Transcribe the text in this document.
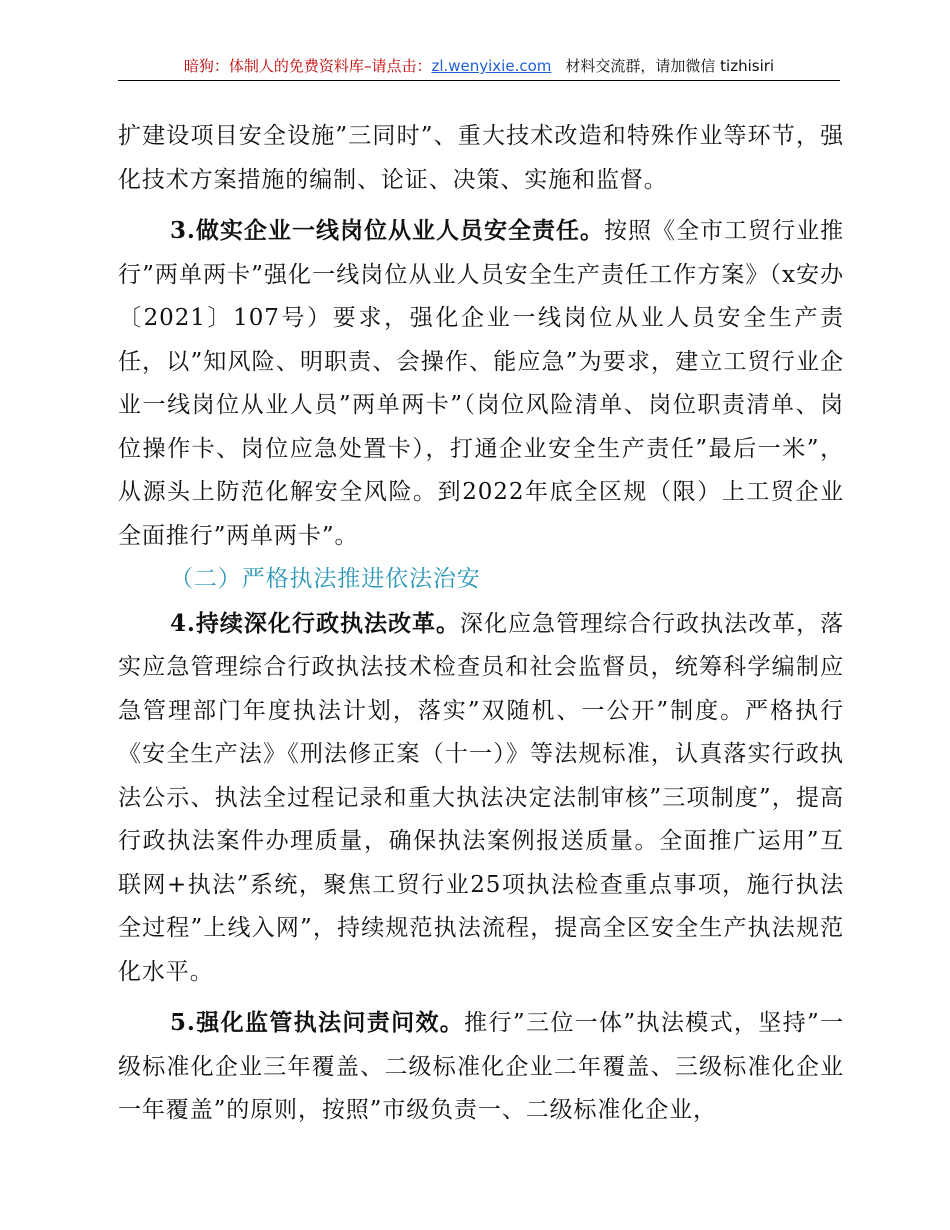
暗狗：体制人的免费资料库–请点击：zl.wenyixie.com 材料交流群，请加微信 tizhisiri

扩建设项目安全设施”三同时”、重大技术改造和特殊作业等环节，强化技术方案措施的编制、论证、决策、实施和监督。

3.做实企业一线岗位从业人员安全责任。按照《全市工贸行业推行”两单两卡”强化一线岗位从业人员安全生产责任工作方案》（x安办〔2021〕107号）要求，强化企业一线岗位从业人员安全生产责任，以”知风险、明职责、会操作、能应急”为要求，建立工贸行业企业一线岗位从业人员”两单两卡”（岗位风险清单、岗位职责清单、岗位操作卡、岗位应急处置卡），打通企业安全生产责任”最后一米”，从源头上防范化解安全风险。到2022年底全区规（限）上工贸企业全面推行”两单两卡”。

（二）严格执法推进依法治安

4.持续深化行政执法改革。深化应急管理综合行政执法改革，落实应急管理综合行政执法技术检查员和社会监督员，统筹科学编制应急管理部门年度执法计划，落实”双随机、一公开”制度。严格执行《安全生产法》《刑法修正案（十一）》等法规标准，认真落实行政执法公示、执法全过程记录和重大执法决定法制审核”三项制度”，提高行政执法案件办理质量，确保执法案例报送质量。全面推广运用”互联网+执法”系统，聚焦工贸行业25项执法检查重点事项，施行执法全过程”上线入网”，持续规范执法流程，提高全区安全生产执法规范化水平。

5.强化监管执法问责问效。推行”三位一体”执法模式，坚持”一级标准化企业三年覆盖、二级标准化企业二年覆盖、三级标准化企业一年覆盖”的原则，按照”市级负责一、二级标准化企业，
